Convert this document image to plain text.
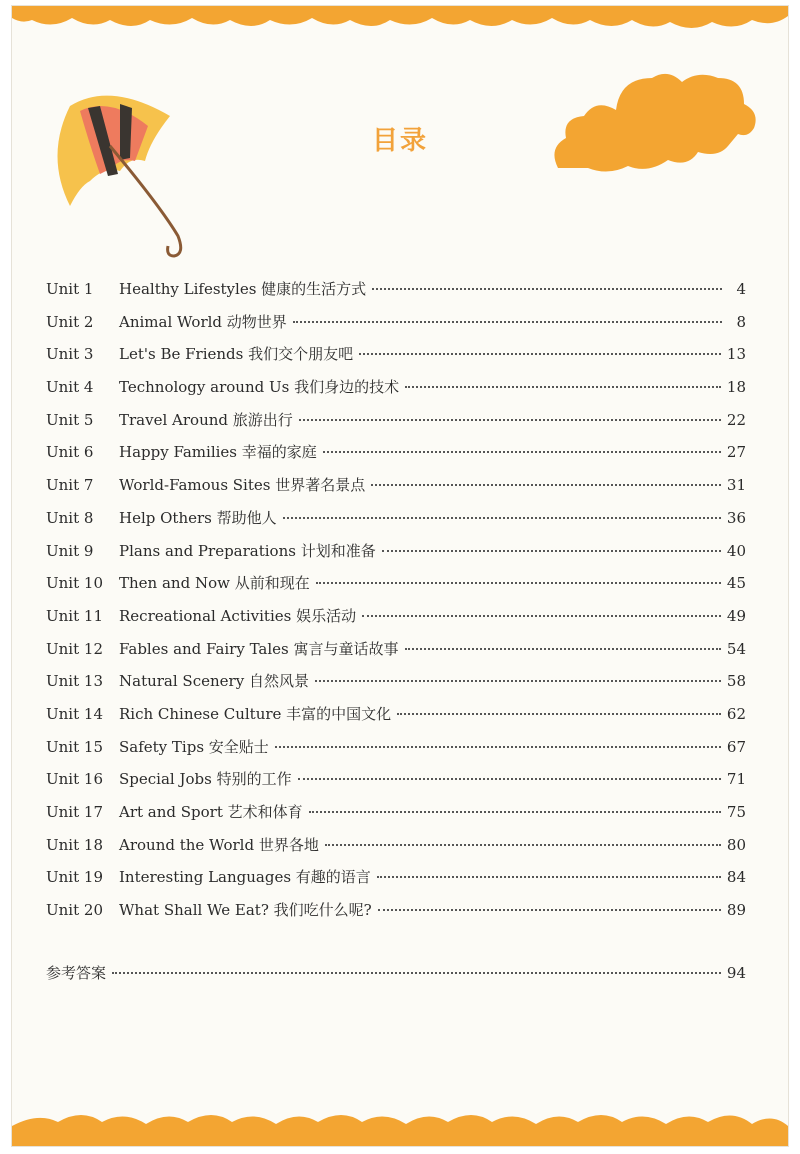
目录
Unit 1	Healthy Lifestyles 健康的生活方式	4
Unit 2	Animal World 动物世界	8
Unit 3	Let's Be Friends 我们交个朋友吧	13
Unit 4	Technology around Us 我们身边的技术	18
Unit 5	Travel Around 旅游出行	22
Unit 6	Happy Families 幸福的家庭	27
Unit 7	World-Famous Sites 世界著名景点	31
Unit 8	Help Others 帮助他人	36
Unit 9	Plans and Preparations 计划和准备	40
Unit 10	Then and Now 从前和现在	45
Unit 11	Recreational Activities 娱乐活动	49
Unit 12	Fables and Fairy Tales 寓言与童话故事	54
Unit 13	Natural Scenery 自然风景	58
Unit 14	Rich Chinese Culture 丰富的中国文化	62
Unit 15	Safety Tips 安全贴士	67
Unit 16	Special Jobs 特别的工作	71
Unit 17	Art and Sport 艺术和体育	75
Unit 18	Around the World 世界各地	80
Unit 19	Interesting Languages 有趣的语言	84
Unit 20	What Shall We Eat? 我们吃什么呢?	89
参考答案	94
